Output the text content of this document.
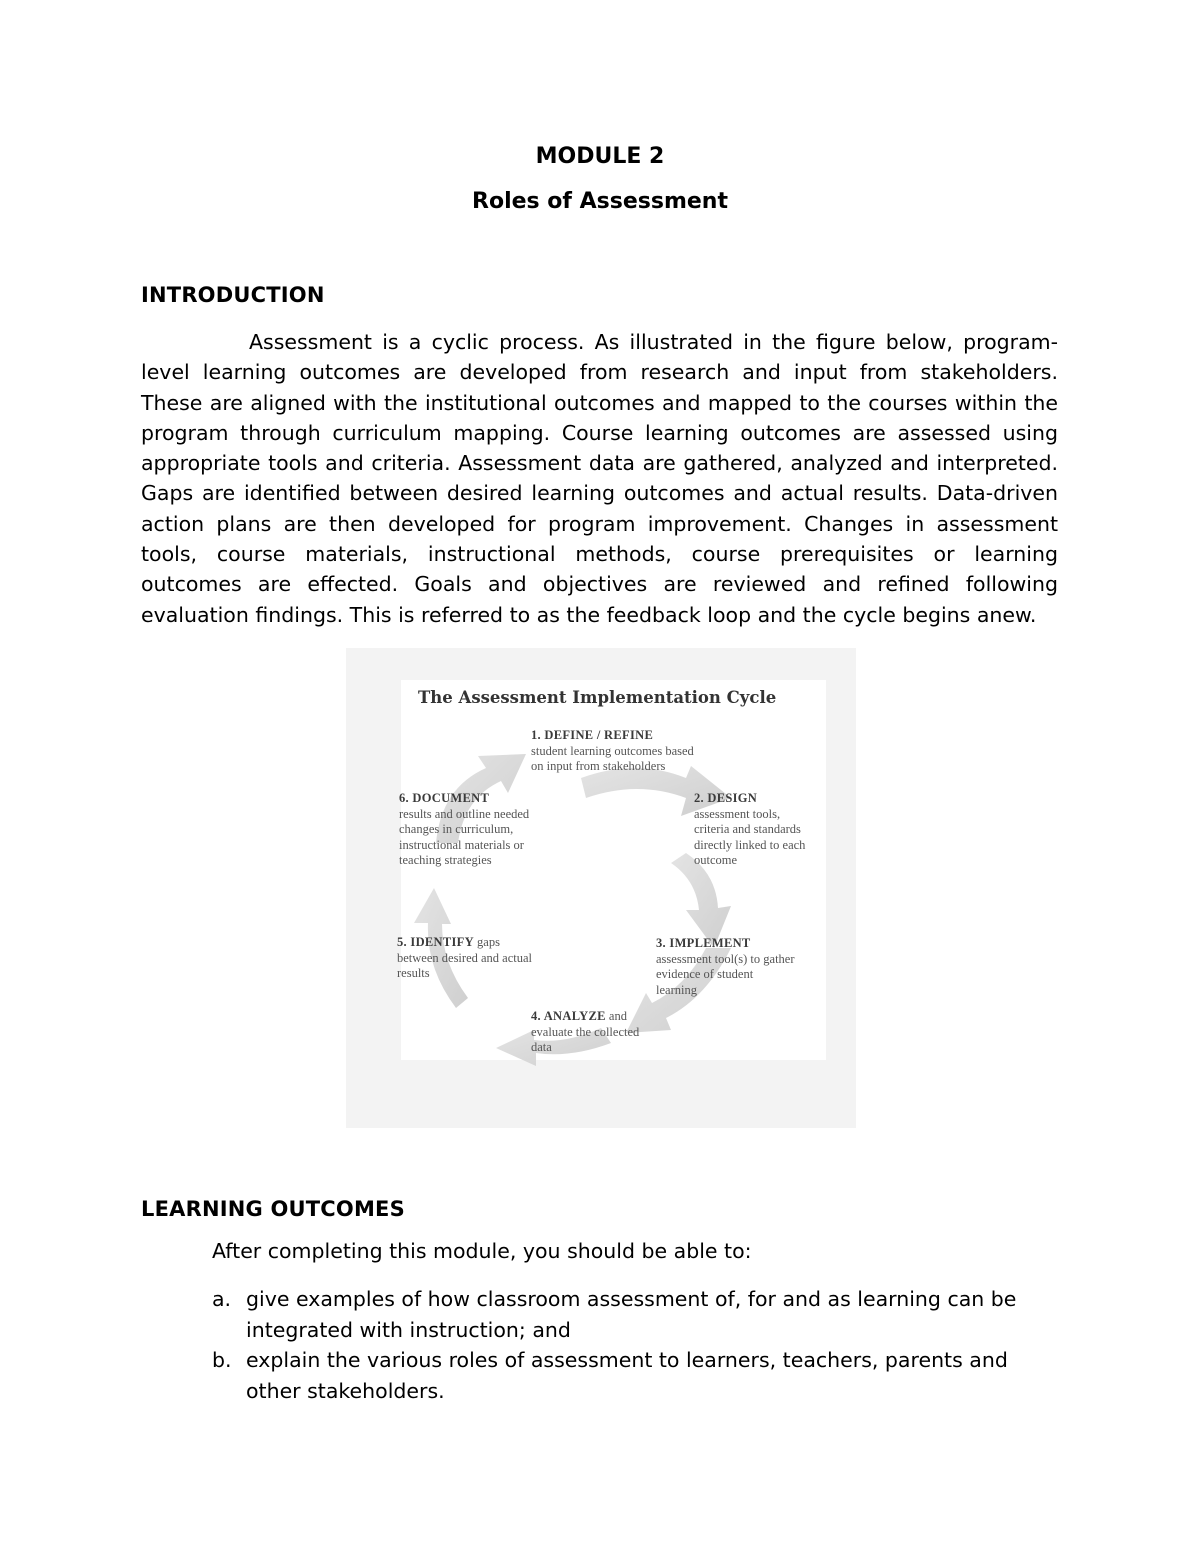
MODULE 2
Roles of Assessment
INTRODUCTION

Assessment is a cyclic process. As illustrated in the figure below, program-level learning outcomes are developed from research and input from stakeholders. These are aligned with the institutional outcomes and mapped to the courses within the program through curriculum mapping. Course learning outcomes are assessed using appropriate tools and criteria. Assessment data are gathered, analyzed and interpreted. Gaps are identified between desired learning outcomes and actual results. Data-driven action plans are then developed for program improvement. Changes in assessment tools, course materials, instructional methods, course prerequisites or learning outcomes are effected. Goals and objectives are reviewed and refined following evaluation findings. This is referred to as the feedback loop and the cycle begins anew.

The Assessment Implementation Cycle
1. DEFINE / REFINE
student learning outcomes based on input from stakeholders
2. DESIGN
assessment tools, criteria and standards directly linked to each outcome
3. IMPLEMENT
assessment tool(s) to gather evidence of student learning
4. ANALYZE and evaluate the collected data
5. IDENTIFY gaps between desired and actual results
6. DOCUMENT
results and outline needed changes in curriculum, instructional materials or teaching strategies
LEARNING OUTCOMES
After completing this module, you should be able to:
a. give examples of how classroom assessment of, for and as learning can be integrated with instruction; and
b. explain the various roles of assessment to learners, teachers, parents and other stakeholders.
